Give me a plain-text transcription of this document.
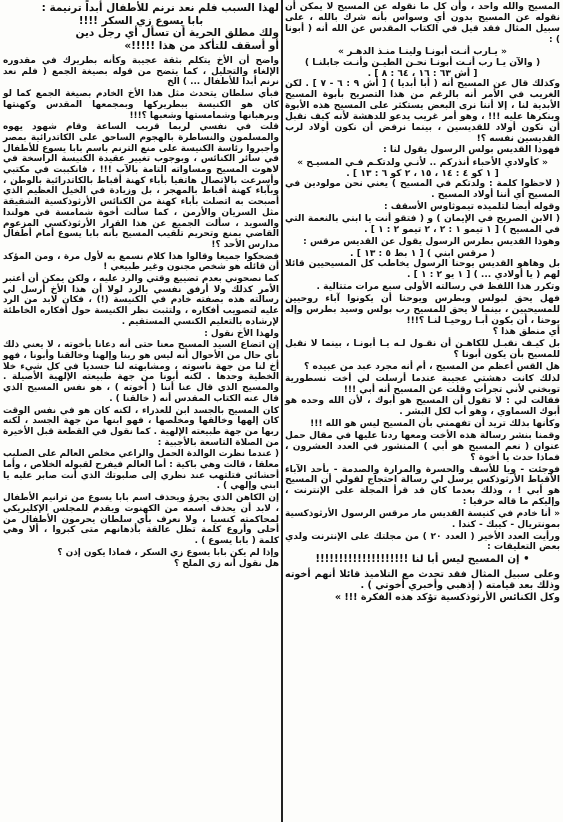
المسيح والله واحد ، وأن كل ما نقوله عن المسيح لا يمكن أن نقوله عن المسيح بدون أي وسواس بأنه شرك بالله ، على سبيل المثال فقد قيل في الكتاب المقدس عن الله أنه ( أبونا ) :

« يـارب أنـت أبونـا ولينـا منـذ الدهـر »

( والآن يـا رب أنـت أبونـا نحـن الطيـن وأنـت جابلنـا )

[ أش ٦٣ : ١٦ ، ٦٤ : ٨ ] .

وكذلك قال عن المسيح أنه ( أبا أبديا ) [ أش ٩ : ٦ - ٧ ] . لكن الغريب في الأمر أنه بالرغم من هذا التصريح بأبوة المسيح الأبدية لنا ، إلا أننا نرى البعض يستكثر على المسيح هذه الأبوة وينكرها عليه !!! ، وهو أمر غريب يدعو للدهشة لأنه كيف نقبل أن نكون أولاد للقديسين ، بينما نرفض أن نكون أولاد لرب القديسين نفسه ؟!

فهوذا القديس بولس الرسول يقول لنا :

« كأولادي الأحباء أنذركم .. لأنـي ولدتكـم فـي المسيـح »

[ ١ كو ٤ : ١٤ ، ١٥ ، ٢ كو ٦ : ١٣ ] .

( لاحظوا كلمة : ولدتكم في المسيح ) يعني نحن مولودين في المسيح أي أننا أولاد المسيح .

وقوله أيضا لتلميذه تيموثاوس الأسقف :

( الابن الصريح في الإيمان ) و ( فتقو أنت يا ابني بالنعمة التي في المسيح ) [ ١ تيمو ١ : ٢ ، ٢ تيمو ٢ : ١ ] .

وهوذا القديس بطرس الرسول يقول عن القديس مرقس :

( مرقس ابني ) [ ١ بط ٥ : ١٣ ] .

بل وهاهو القديس يوحنا الرسول يخاطب كل المسيحيين قائلا لهم ( يا أولادي ... ) [ ١ يو ٢ : ١ ] .

وتكرر هذا اللفظ في رسالته الأولى سبع مرات متتالية .

فهل يحق لبولس وبطرس ويوحنا أن يكونوا آباء روحيين للمسيحيين ، بينما لا يحق للمسيح رب بولس وسيد بطرس وإله يوحنا ، أن يكون أبـا روحيـا لنـا ؟!!!

أي منطق هذا ؟

بل كيـف نقبـل للكاهـن أن نقـول لـه يـا أبونـا ، بينما لا نقبل للمسيح بأن يكون أبونا ؟

هل القس أعظم من المسيح ، أم أنه مجرد عبد من عبيده ؟

لذلك كانت دهشتي عجيبة عندما أرسلت لي أخت نسطورية توبخني لأني تجرأت وقلت عن المسيح أنه أبي !!!

فقالت لي : لا تقول أن المسيح هو أبوك ، لأن الله وحده هو أبوك السماوي ، وهو أب لكل البشر .

وكأنها بذلك تريد أن تفهمني بأن المسيح ليس هو الله !!!

وقمنا بنشر رسالة هذه الأخت ومعها ردنا عليها في مقال حمل عنوان ( نعم المسيح هو أبي ) المنشور في العدد العشرون ، فماذا حدث يا أخوة ؟

فوجئت - ويا للأسف والحسرة والمرارة والصدمة - بأحد الآباء الأقباط الأرثوذكس يرسل لي رسالة احتجاج لقولي أن المسيح هو أبي ! ، وذلك بعدما كان قد قرأ المجلة على الإنترنت ، وإليكم ما قاله حرفيا :

« أنا خادم في كنيسة القديس مار مرقس الرسول الأرثوذكسية بمونتريال - كيبك - كندا .

ورأيت العدد الأخير ( العدد ٢٠ ) من مجلتك على الإنترنت ولدي بعض التعليقات :

• إن المسيح ليس أبا لنا !!!!!!!!!!!!!!!!!!!!

وعلى سبيل المثال فقد تحدث مع التلاميذ قائلا أنهم أخوته وذلك بعد قيامته ( إذهبي وأخبري أخوتي ) .

وكل الكنائس الأرثوذكسية تؤكد هذه الفكرة !!! »

لهذا السبب فلم نعد نرنم للأطفال أبداً ترنيمة :

بابا يسوع زي السكر !!!!

ولك مطلق الحرية أن تسأل أي رجل دين

أو أسقف للتأكد من هذا !!!!!»

واضح أن الأخ يتكلم بثقة عجيبة وكأنه بطريرك في مقدوره الإلغاء والتحليل ، كما يتضح من قوله بصيغة الجمع ( فلم نعد نرنم أبدا للأطفال ... ) الخ

فبأي سلطان يتحدث مثل هذا الأخ الخادم بصيغة الجمع كما لو كان هو الكنيسة ببطريركها وبمجمعها المقدس وكهنتها وبرهبانها وشمامستها وشعبها ؟!!!

قلت في نفسي لربما قريب الساعة وقام شهود يهوه والمسلمون والنساطرة بالهجوم الساحق على الكاتدرائية بمصر وأجبروا رئاسة الكنيسة على منع الترنم باسم بابا يسوع للأطفال في سائر الكنائس ، وبوجوب تغيير عقيدة الكنيسة الراسخة في لاهوت المسيح ومساواته التامة بالآب !!! ، فانكببت في مكتبي وأسرعت بالاتصال هاتفيا بأباء كهنة أقباط بالكاتدرائية بالوطن ، وبآباء كهنة أقباط بالمهجر ، بل وزيادة في الخيل العظيم الذي أصبحت به اتصلت بأباء كهنة من الكنائس الأرثوذكسية الشقيقة مثل السريان والأرمن ، كما سألت أخوة شمامسة في هولندا والسويد ، سألت الجميع عن هذا القرار الأرثوذكسي المزعوم القاضي بمنع وتحريم تلقيب المسيح بأنه بابا يسوع أمام أطفال مدارس الأحد ؟!

فضحكوا جميعا وقالوا هذا كلام نسمع به لأول مرة ، ومن المؤكد أن قائله هو شخص مجنون وغير طبيعي !

كما نصحوني بعدم تضييع وقتي والرد عليه ، ولكن يمكن أن أعتبر الأمر كذلك ولا أرفق نفسي بالرد لولا أن هذا الأخ أرسل لي رسالته هذه بصفته خادم في الكنيسة (!) ، فكان لابد من الرد عليه لتصويب أفكاره ، ولتثبت نظر الكنيسة حول أفكاره الخاطئة لإرشاده بالتعليم الكنسي المستقيم .

ولهذا الأخ نقول :

إن اتضاع السيد المسيح معنا حتى أنه دعانا بأخوته ، لا يعني ذلك بأي حال من الأحوال أنه ليس هو ربنا وإلهنا وخالقنا وأبونا ، فهو أخ لنا من جهة ناسوته ، ومشابهته لنا جسديا في كل شيء خلا الخطية وحدها . لكنه أبونا من جهة طبيعته الإلهية الأصيلة . والمسيح الذي قال عنا أننا ( أخوته ) ، هو نفس المسيح الذي قال عنه الكتاب المقدس أنه ( خالقنا ) .

كان المسيح بالجسد ابن للعذراء ، لكنه كان هو في نفس الوقت كان إلهها وخالقها ومخلصها ، فهو ابنها من جهة الجسد ، لكنه ربها من جهة طبيعته الإلهية . كما نقول في القطعة قبل الأخيرة من الصلاة التاسعة بالأجبية :

( عندما نظرت الوالدة الحمل والراعي مخلص العالم على الصليب معلقا ، قالت وهي باكية : أما العالم فيفرح لقبوله الخلاص ، وأما أحشائي فتلتهب عند نظري إلى صلبوتك الذي أنت صابر عليه يا ابني وإلهي ) .

إن الكاهن الذي يجرؤ ويحذف اسم بابا يسوع من ترانيم الأطفال ، لابد أن يحذف اسمه من الكهنوت ويقدم للمجلس الإكليريكي لمحاكمته كنسيا ، ولا نعرف بأي سلطان يحرمون الأطفال من أحلى وأروع كلمة تظل عالقة بأذهانهم متى كبروا ، ألا وهي كلمة ( بابا يسوع ) .

وإذا لم يكن بابا يسوع زي السكر ، فماذا يكون إذن ؟

هل نقول أنه زي الملح ؟
